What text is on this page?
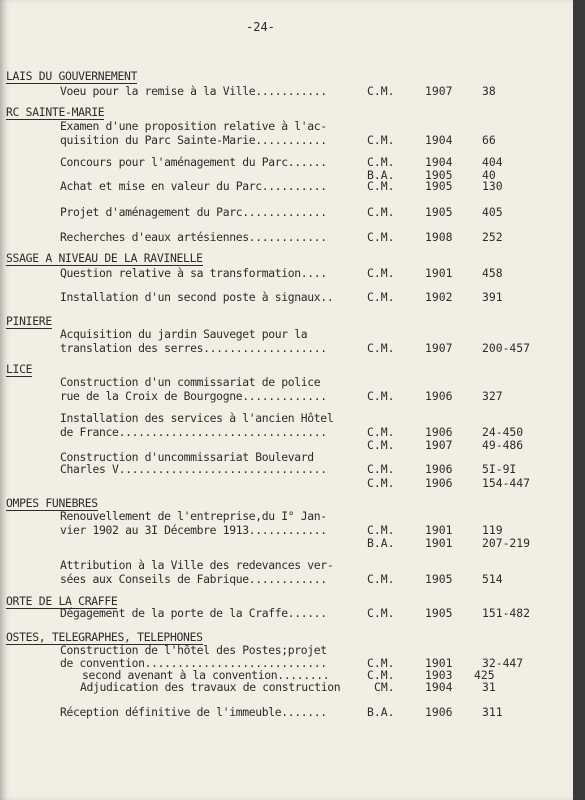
-24-
LAIS DU GOUVERNEMENT
Voeu pour la remise à la Ville...........	C.M.	1907	38
RC SAINTE-MARIE
Examen d'une proposition relative à l'ac-
quisition du Parc Sainte-Marie...........	C.M.	1904	66
Concours pour l'aménagement du Parc......	C.M.	1904	404
B.A.	1905	40
Achat et mise en valeur du Parc..........	C.M.	1905	130
Projet d'aménagement du Parc.............	C.M.	1905	405
Recherches d'eaux artésiennes............	C.M.	1908	252
SSAGE A NIVEAU DE LA RAVINELLE
Question relative à sa transformation....	C.M.	1901	458
Installation d'un second poste à signaux..	C.M.	1902	391
PINIERE
Acquisition du jardin Sauveget pour la
translation des serres...................	C.M.	1907	200-457
LICE
Construction d'un commissariat de police
rue de la Croix de Bourgogne.............	C.M.	1906	327
Installation des services à l'ancien Hôtel
de France................................	C.M.	1906	24-450
C.M.	1907	49-486
Construction d'uncommissariat Boulevard
Charles V................................	C.M.	1906	5I-9I
C.M.	1906	154-447
OMPES FUNEBRES
Renouvellement de l'entreprise,du I° Jan-
vier 1902 au 3I Décembre 1913............	C.M.	1901	119
B.A.	1901	207-219
Attribution à la Ville des redevances ver-
sées aux Conseils de Fabrique............	C.M.	1905	514
ORTE DE LA CRAFFE
Dégagement de la porte de la Craffe......	C.M.	1905	151-482
OSTES, TELEGRAPHES, TELEPHONES
Construction de l'hôtel des Postes;projet
de convention............................	C.M.	1901	32-447
second avenant à la convention........	C.M.	1903 425
Adjudication des travaux de construction	CM.	1904	31
Réception définitive de l'immeuble.......	B.A.	1906	311
